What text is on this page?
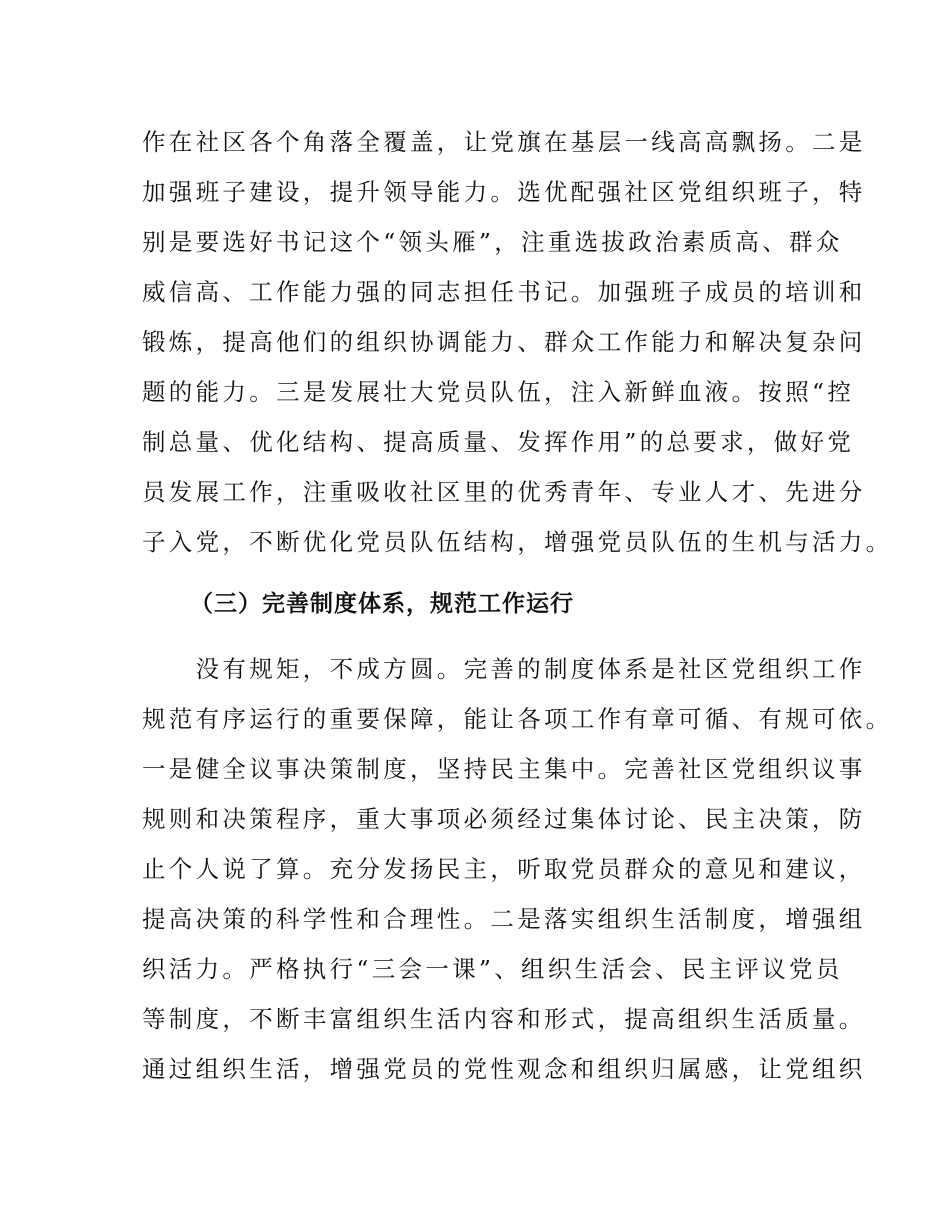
作在社区各个角落全覆盖，让党旗在基层一线高高飘扬。二是
加强班子建设，提升领导能力。选优配强社区党组织班子，特
别是要选好书记这个“领头雁”，注重选拔政治素质高、群众
威信高、工作能力强的同志担任书记。加强班子成员的培训和
锻炼，提高他们的组织协调能力、群众工作能力和解决复杂问
题的能力。三是发展壮大党员队伍，注入新鲜血液。按照“控
制总量、优化结构、提高质量、发挥作用”的总要求，做好党
员发展工作，注重吸收社区里的优秀青年、专业人才、先进分
子入党，不断优化党员队伍结构，增强党员队伍的生机与活力。
（三）完善制度体系，规范工作运行
　　没有规矩，不成方圆。完善的制度体系是社区党组织工作
规范有序运行的重要保障，能让各项工作有章可循、有规可依。
一是健全议事决策制度，坚持民主集中。完善社区党组织议事
规则和决策程序，重大事项必须经过集体讨论、民主决策，防
止个人说了算。充分发扬民主，听取党员群众的意见和建议，
提高决策的科学性和合理性。二是落实组织生活制度，增强组
织活力。严格执行“三会一课”、组织生活会、民主评议党员
等制度，不断丰富组织生活内容和形式，提高组织生活质量。
通过组织生活，增强党员的党性观念和组织归属感，让党组织
